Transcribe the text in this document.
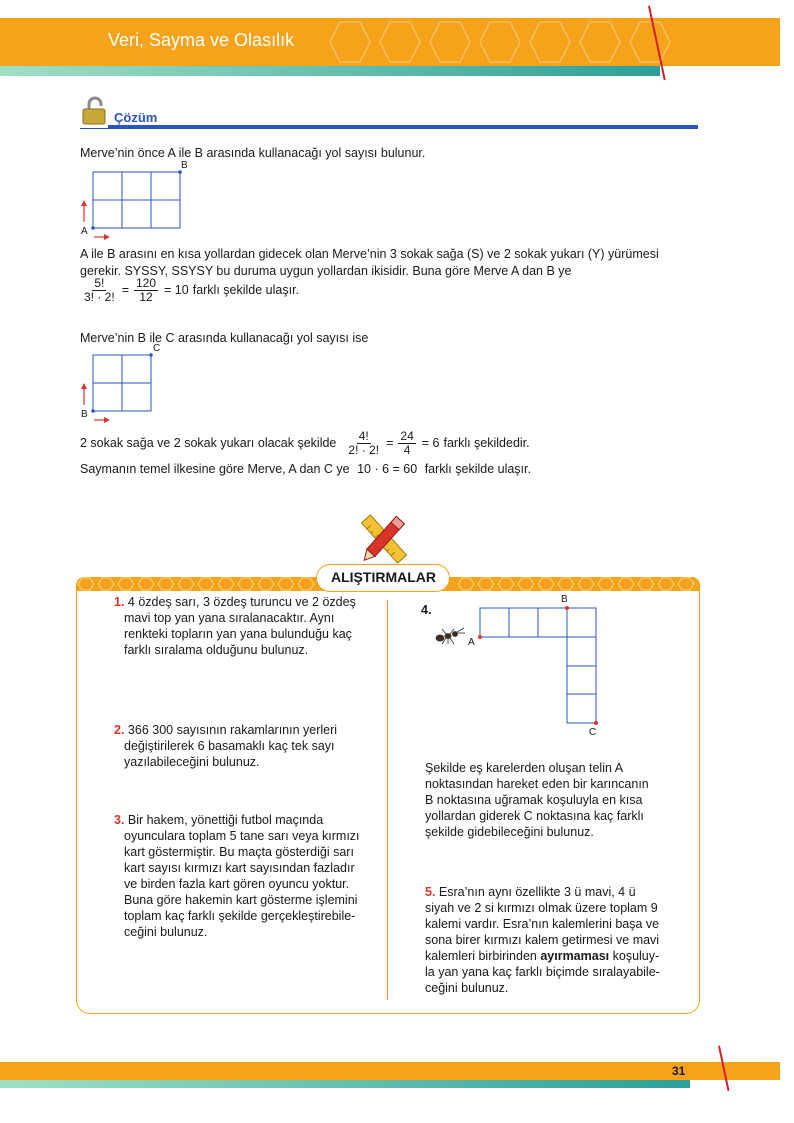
Veri, Sayma ve Olasılık
Çözüm
Merve’nin önce A ile B arasında kullanacağı yol sayısı bulunur.
B
A
A ile B arasını en kısa yollardan gidecek olan Merve’nin 3 sokak sağa (S) ve 2 sokak yukarı (Y) yürümesi
gerekir. SYSSY, SSYSY bu duruma uygun yollardan ikisidir. Buna göre Merve A dan B ye
$\frac{5!}{3! \cdot 2!} = \frac{120}{12} = 10$ farklı şekilde ulaşır.
Merve’nin B ile C arasında kullanacağı yol sayısı ise
C
B
2 sokak sağa ve 2 sokak yukarı olacak şekilde $\frac{4!}{2! \cdot 2!} = \frac{24}{4} = 6$ farklı şekildedir.
Saymanın temel ilkesine göre Merve, A dan C ye 10 · 6 = 60 farklı şekilde ulaşır.
ALIŞTIRMALAR
1. 4 özdeş sarı, 3 özdeş turuncu ve 2 özdeş
mavi top yan yana sıralanacaktır. Aynı
renkteki topların yan yana bulunduğu kaç
farklı sıralama olduğunu bulunuz.
2. 366 300 sayısının rakamlarının yerleri
değiştirilerek 6 basamaklı kaç tek sayı
yazılabileceğini bulunuz.
3. Bir hakem, yönettiği futbol maçında
oyunculara toplam 5 tane sarı veya kırmızı
kart göstermiştir. Bu maçta gösterdiği sarı
kart sayısı kırmızı kart sayısından fazladır
ve birden fazla kart gören oyuncu yoktur.
Buna göre hakemin kart gösterme işlemini
toplam kaç farklı şekilde gerçekleştirebile-
ceğini bulunuz.
4.
B
A
C
Şekilde eş karelerden oluşan telin A
noktasından hareket eden bir karıncanın
B noktasına uğramak koşuluyla en kısa
yollardan giderek C noktasına kaç farklı
şekilde gidebileceğini bulunuz.
5. Esra’nın aynı özellikte 3 ü mavi, 4 ü
siyah ve 2 si kırmızı olmak üzere toplam 9
kalemi vardır. Esra’nın kalemlerini başa ve
sona birer kırmızı kalem getirmesi ve mavi
kalemleri birbirinden ayırmaması koşuluy-
la yan yana kaç farklı biçimde sıralayabile-
ceğini bulunuz.
31
